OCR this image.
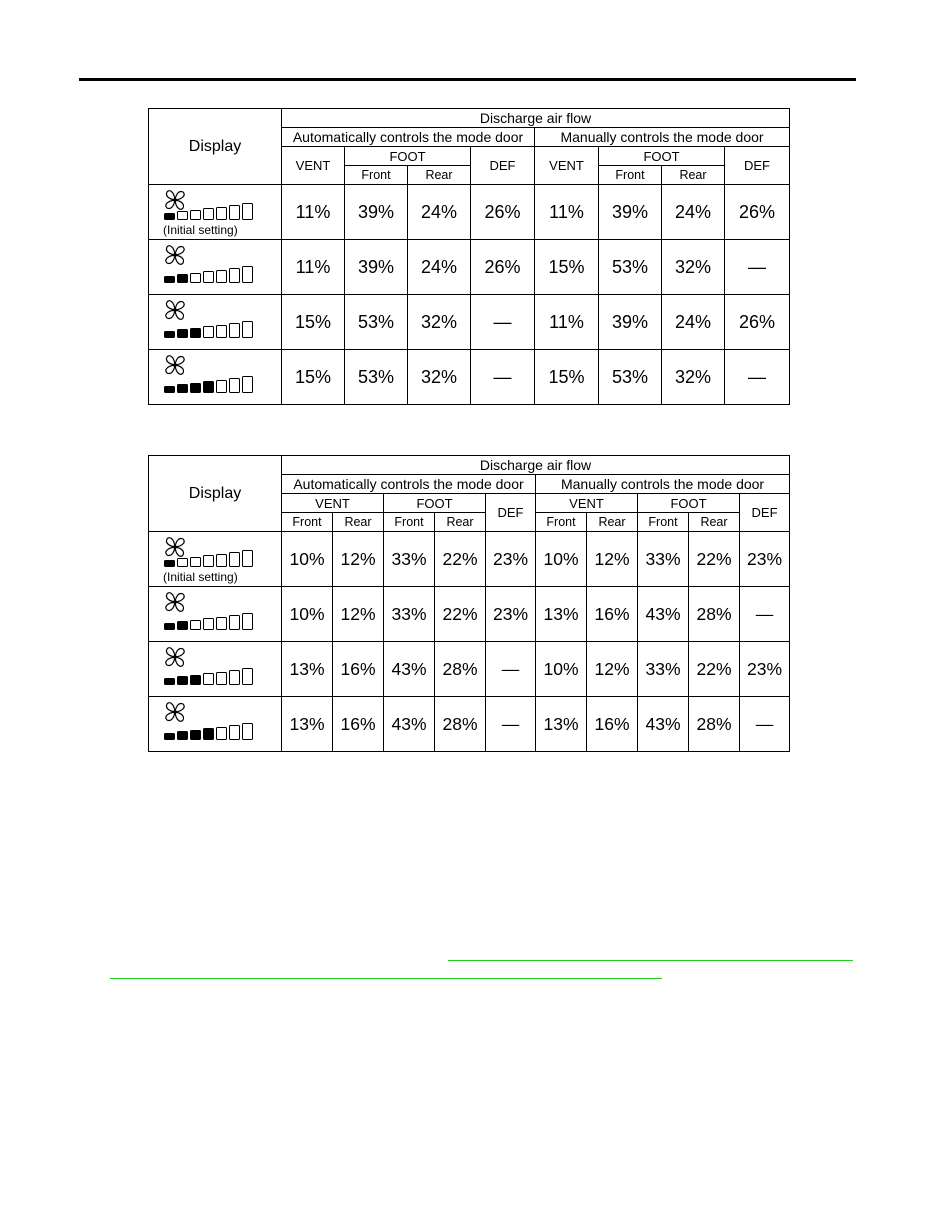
Display	Discharge air flow							
	Automatically controls the mode door				Manually controls the mode door			
	VENT	FOOT		DEF	VENT	FOOT		DEF
		Front	Rear			Front	Rear	

(Initial setting)	11%	39%	24%	26%	11%	39%	24%	26%

	11%	39%	24%	26%	15%	53%	32%	—

	15%	53%	32%	—	11%	39%	24%	26%

	15%	53%	32%	—	15%	53%	32%	—
Display	Discharge air flow									
	Automatically controls the mode door					Manually controls the mode door				
	VENT		FOOT		DEF	VENT		FOOT		DEF
	Front	Rear	Front	Rear		Front	Rear	Front	Rear	

(Initial setting)	10%	12%	33%	22%	23%	10%	12%	33%	22%	23%

	10%	12%	33%	22%	23%	13%	16%	43%	28%	—

	13%	16%	43%	28%	—	10%	12%	33%	22%	23%

	13%	16%	43%	28%	—	13%	16%	43%	28%	—
